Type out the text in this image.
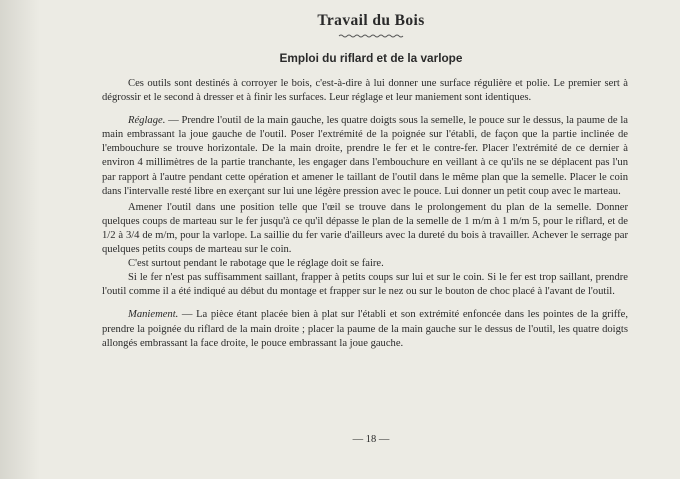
Travail du Bois
Emploi du riflard et de la varlope

Ces outils sont destinés à corroyer le bois, c'est-à-dire à lui donner une surface régulière et polie. Le premier sert à dégrossir et le second à dresser et à finir les surfaces. Leur réglage et leur maniement sont identiques.

Réglage. — Prendre l'outil de la main gauche, les quatre doigts sous la semelle, le pouce sur le dessus, la paume de la main embrassant la joue gauche de l'outil. Poser l'extrémité de la poignée sur l'établi, de façon que la partie inclinée de l'embouchure se trouve horizontale. De la main droite, prendre le fer et le contre-fer. Placer l'extrémité de ce dernier à environ 4 millimètres de la partie tranchante, les engager dans l'embouchure en veillant à ce qu'ils ne se déplacent pas l'un par rapport à l'autre pendant cette opération et amener le taillant de l'outil dans le même plan que la semelle. Placer le coin dans l'intervalle resté libre en exerçant sur lui une légère pression avec le pouce. Lui donner un petit coup avec le marteau.

Amener l'outil dans une position telle que l'œil se trouve dans le prolongement du plan de la semelle. Donner quelques coups de marteau sur le fer jusqu'à ce qu'il dépasse le plan de la semelle de 1 m/m à 1 m/m 5, pour le riflard, et de 1/2 à 3/4 de m/m, pour la varlope. La saillie du fer varie d'ailleurs avec la dureté du bois à travailler. Achever le serrage par quelques petits coups de marteau sur le coin.

C'est surtout pendant le rabotage que le réglage doit se faire.

Si le fer n'est pas suffisamment saillant, frapper à petits coups sur lui et sur le coin. Si le fer est trop saillant, prendre l'outil comme il a été indiqué au début du montage et frapper sur le nez ou sur le bouton de choc placé à l'avant de l'outil.

Maniement. — La pièce étant placée bien à plat sur l'établi et son extrémité enfoncée dans les pointes de la griffe, prendre la poignée du riflard de la main droite ; placer la paume de la main gauche sur le dessus de l'outil, les quatre doigts allongés embrassant la face droite, le pouce embrassant la joue gauche.

— 18 —
